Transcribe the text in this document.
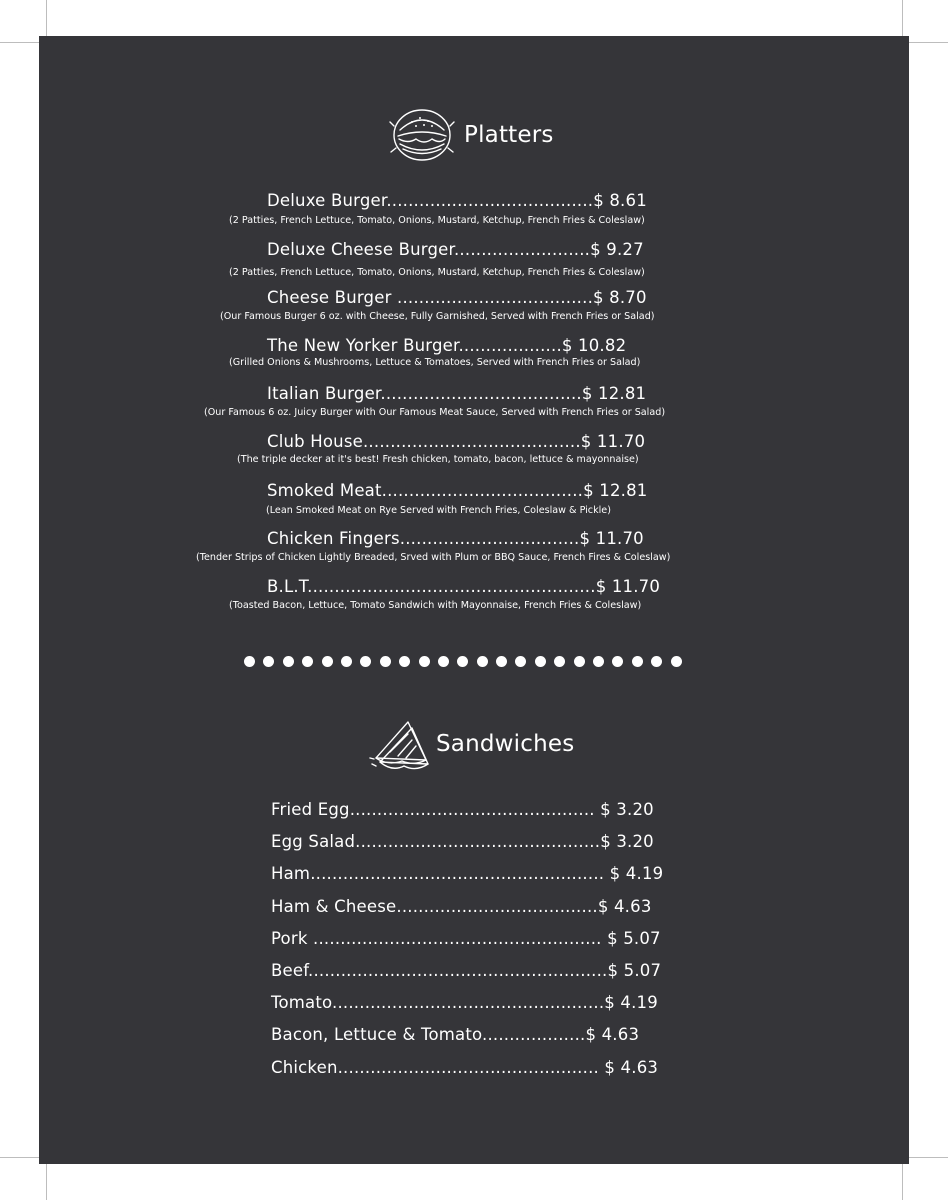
Platters
Deluxe Burger......................................$ 8.61
(2 Patties, French Lettuce, Tomato, Onions, Mustard, Ketchup, French Fries & Coleslaw)
Deluxe Cheese Burger.........................$ 9.27
(2 Patties, French Lettuce, Tomato, Onions, Mustard, Ketchup, French Fries & Coleslaw)
Cheese Burger ....................................$ 8.70
(Our Famous Burger 6 oz. with Cheese, Fully Garnished, Served with French Fries or Salad)
The New Yorker Burger...................$ 10.82
(Grilled Onions & Mushrooms, Lettuce & Tomatoes, Served with French Fries or Salad)
Italian Burger.....................................$ 12.81
(Our Famous 6 oz. Juicy Burger with Our Famous Meat Sauce, Served with French Fries or Salad)
Club House........................................$ 11.70
(The triple decker at it's best! Fresh chicken, tomato, bacon, lettuce & mayonnaise)
Smoked Meat.....................................$ 12.81
(Lean Smoked Meat on Rye Served with French Fries, Coleslaw & Pickle)
Chicken Fingers.................................$ 11.70
(Tender Strips of Chicken Lightly Breaded, Srved with Plum or BBQ Sauce, French Fires & Coleslaw)
B.L.T.....................................................$ 11.70
(Toasted Bacon, Lettuce, Tomato Sandwich with Mayonnaise, French Fries & Coleslaw)
Sandwiches
Fried Egg............................................. $ 3.20
Egg Salad.............................................$ 3.20
Ham...................................................... $ 4.19
Ham & Cheese.....................................$ 4.63
Pork ..................................................... $ 5.07
Beef.......................................................$ 5.07
Tomato..................................................$ 4.19
Bacon, Lettuce & Tomato...................$ 4.63
Chicken................................................ $ 4.63
